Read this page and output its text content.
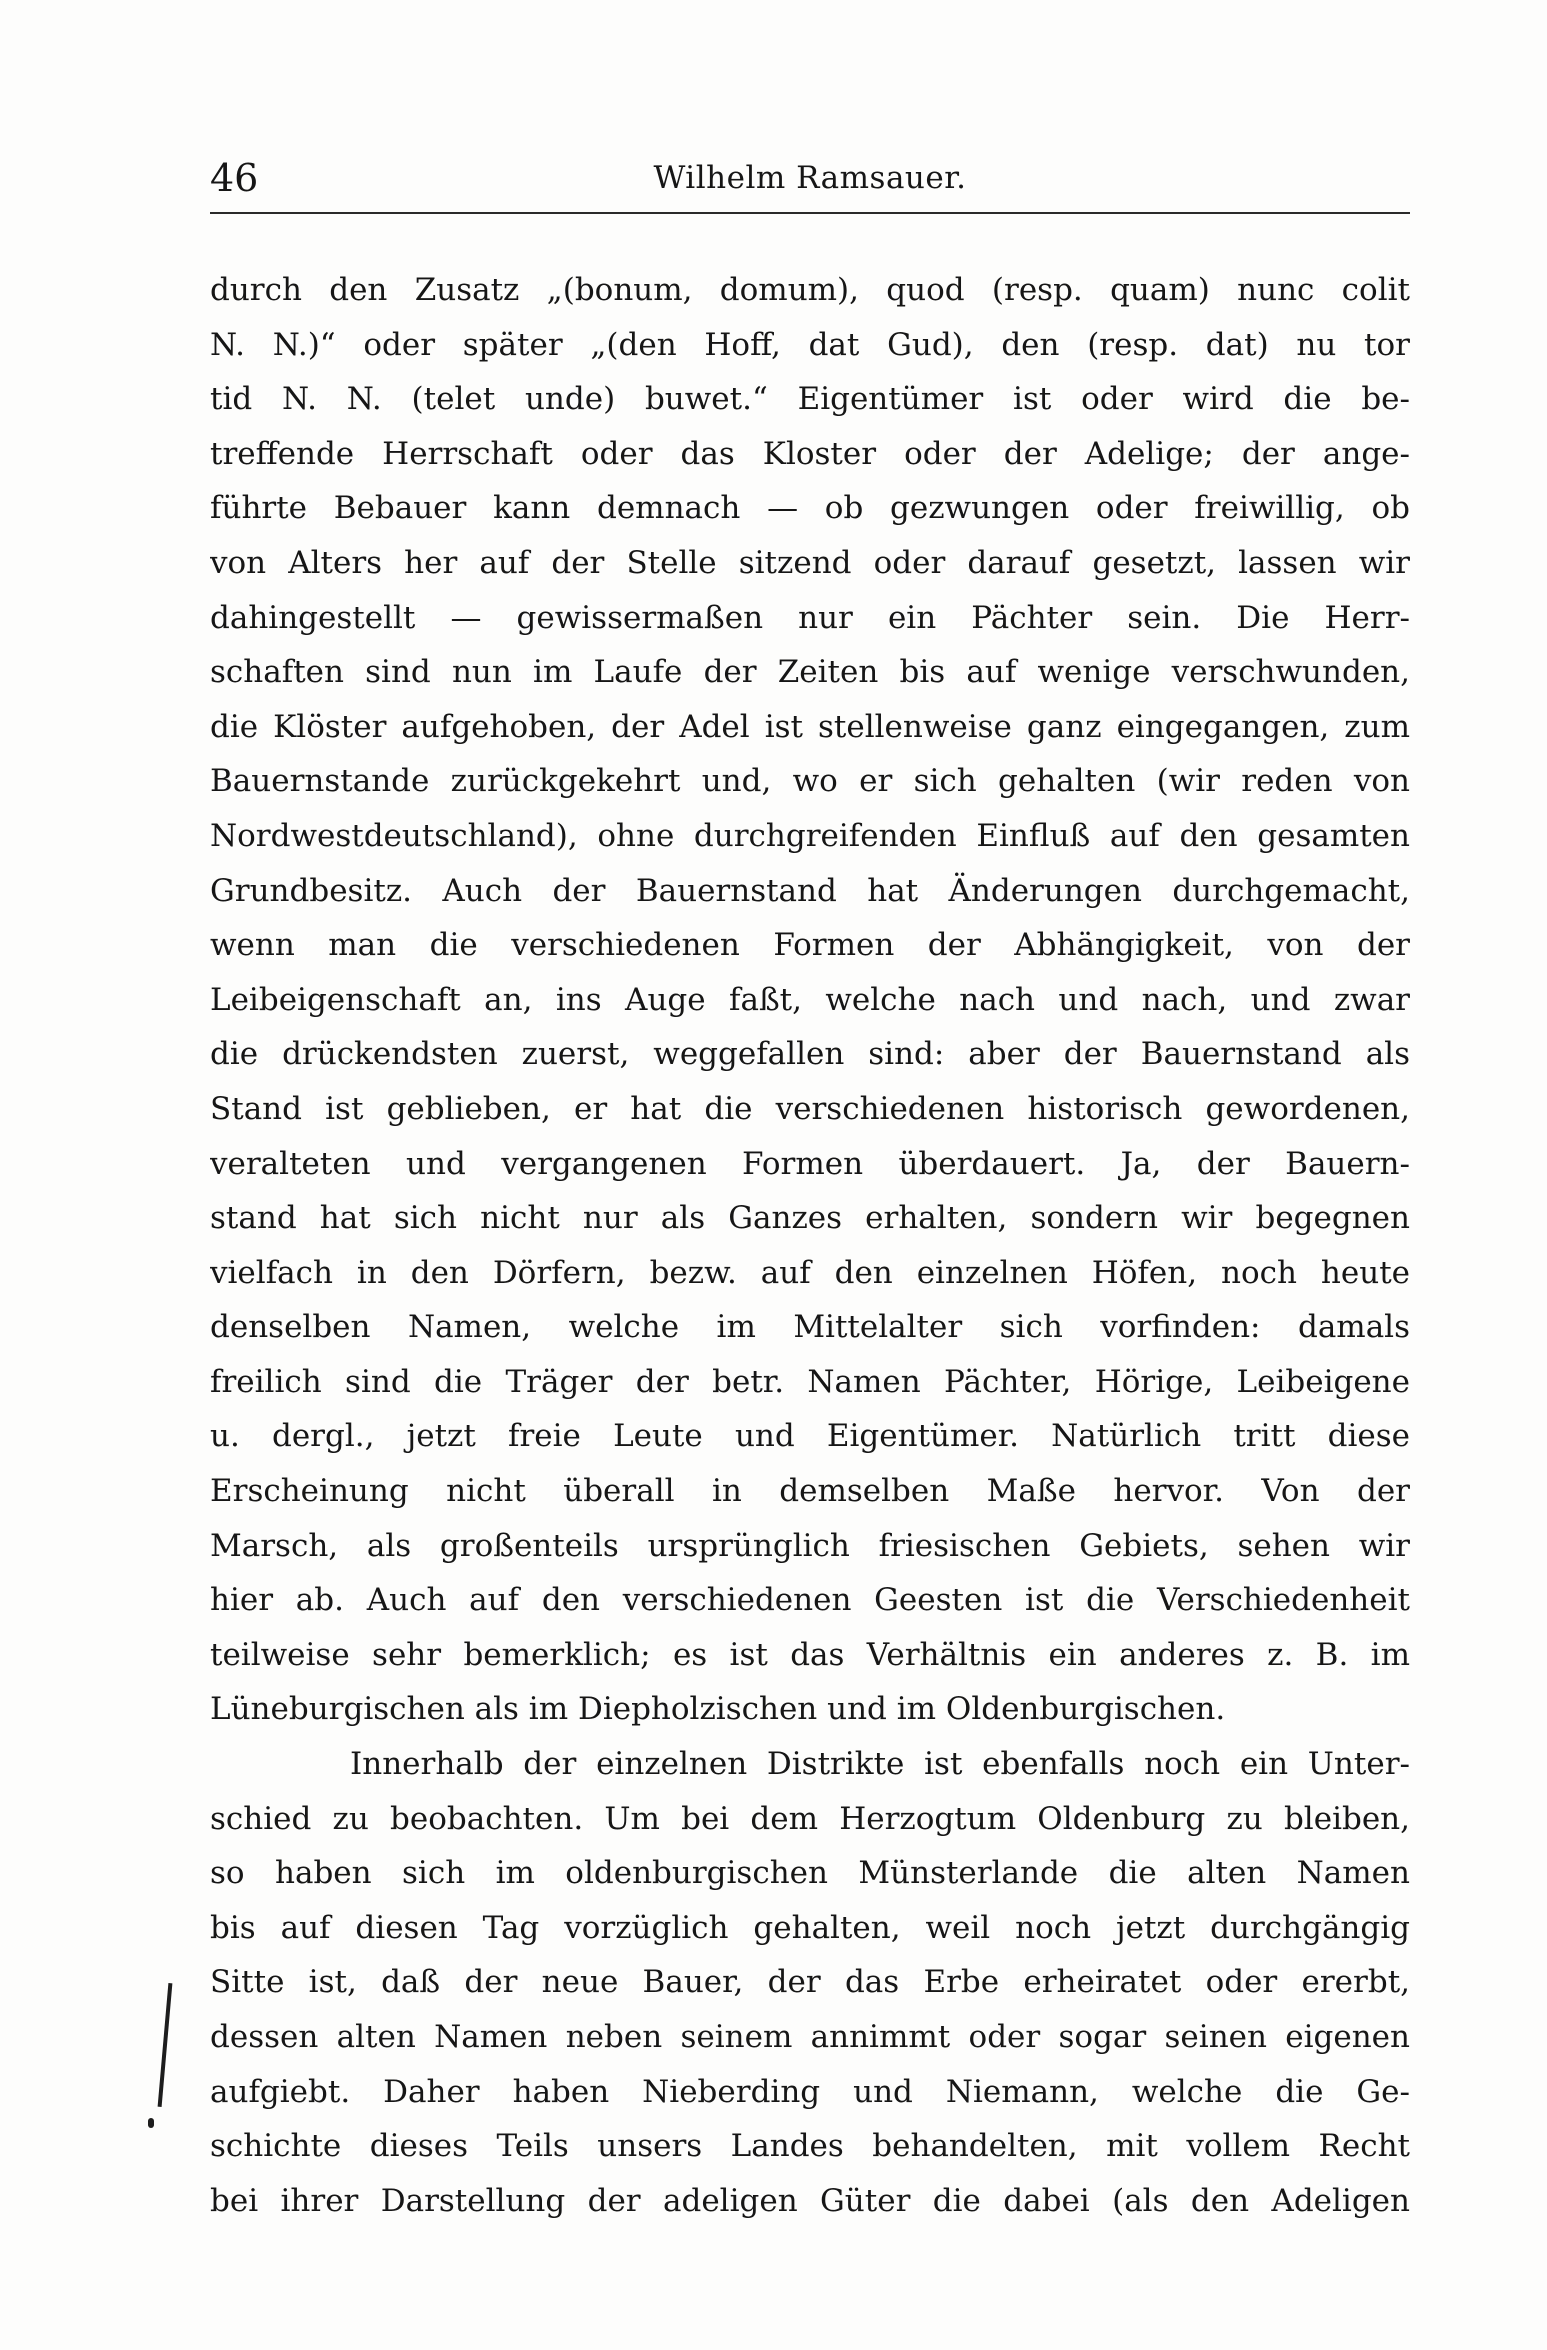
46	Wilhelm Ramsauer.
durch den Zusatz „(bonum, domum), quod (resp. quam) nunc colit
N. N.)“ oder später „(den Hoff, dat Gud), den (resp. dat) nu tor
tid N. N. (telet unde) buwet.“ Eigentümer ist oder wird die be-
treffende Herrschaft oder das Kloster oder der Adelige; der ange-
führte Bebauer kann demnach — ob gezwungen oder freiwillig, ob
von Alters her auf der Stelle sitzend oder darauf gesetzt, lassen wir
dahingestellt — gewissermaßen nur ein Pächter sein. Die Herr-
schaften sind nun im Laufe der Zeiten bis auf wenige verschwunden,
die Klöster aufgehoben, der Adel ist stellenweise ganz eingegangen, zum
Bauernstande zurückgekehrt und, wo er sich gehalten (wir reden von
Nordwestdeutschland), ohne durchgreifenden Einfluß auf den gesamten
Grundbesitz. Auch der Bauernstand hat Änderungen durchgemacht,
wenn man die verschiedenen Formen der Abhängigkeit, von der
Leibeigenschaft an, ins Auge faßt, welche nach und nach, und zwar
die drückendsten zuerst, weggefallen sind: aber der Bauernstand als
Stand ist geblieben, er hat die verschiedenen historisch gewordenen,
veralteten und vergangenen Formen überdauert. Ja, der Bauern-
stand hat sich nicht nur als Ganzes erhalten, sondern wir begegnen
vielfach in den Dörfern, bezw. auf den einzelnen Höfen, noch heute
denselben Namen, welche im Mittelalter sich vorfinden: damals
freilich sind die Träger der betr. Namen Pächter, Hörige, Leibeigene
u. dergl., jetzt freie Leute und Eigentümer. Natürlich tritt diese
Erscheinung nicht überall in demselben Maße hervor. Von der
Marsch, als großenteils ursprünglich friesischen Gebiets, sehen wir
hier ab. Auch auf den verschiedenen Geesten ist die Verschiedenheit
teilweise sehr bemerklich; es ist das Verhältnis ein anderes z. B. im
Lüneburgischen als im Diepholzischen und im Oldenburgischen.
Innerhalb der einzelnen Distrikte ist ebenfalls noch ein Unter-
schied zu beobachten. Um bei dem Herzogtum Oldenburg zu bleiben,
so haben sich im oldenburgischen Münsterlande die alten Namen
bis auf diesen Tag vorzüglich gehalten, weil noch jetzt durchgängig
Sitte ist, daß der neue Bauer, der das Erbe erheiratet oder ererbt,
dessen alten Namen neben seinem annimmt oder sogar seinen eigenen
aufgiebt. Daher haben Nieberding und Niemann, welche die Ge-
schichte dieses Teils unsers Landes behandelten, mit vollem Recht
bei ihrer Darstellung der adeligen Güter die dabei (als den Adeligen
